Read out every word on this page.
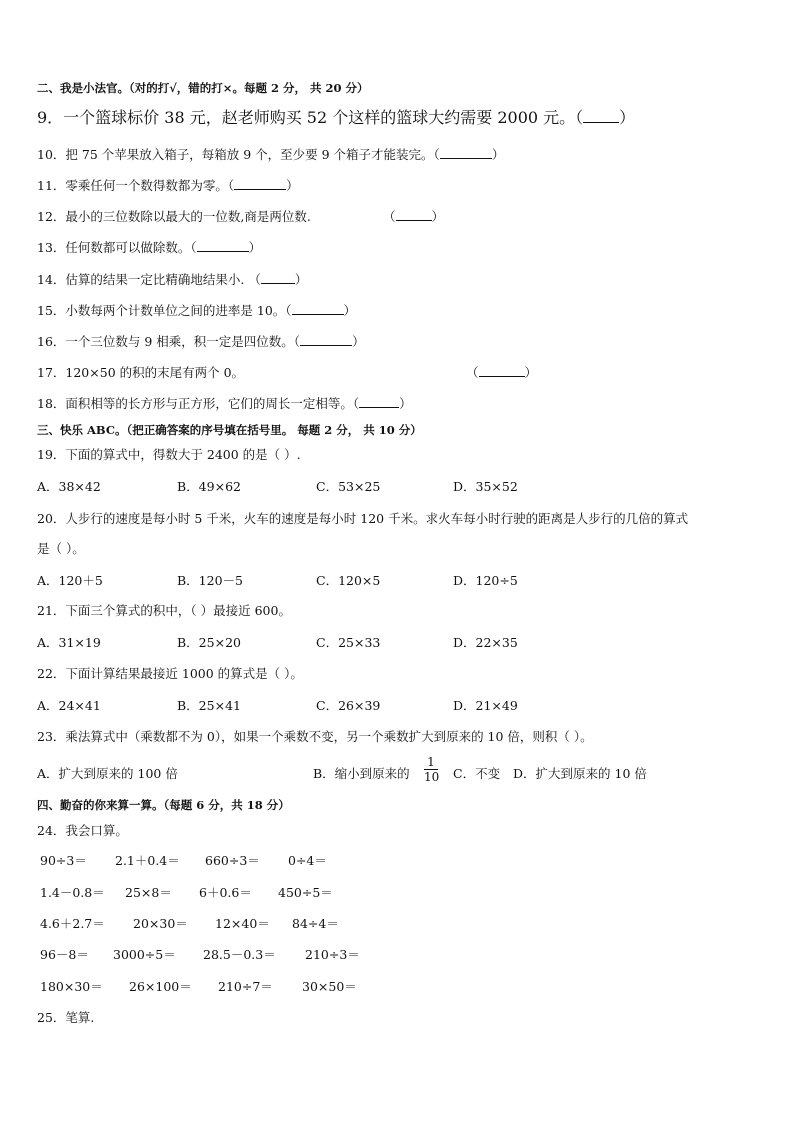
二、我是小法官。（对的打√，错的打×。每题 2 分， 共 20 分）
9．一个篮球标价 38 元，赵老师购买 52 个这样的篮球大约需要 2000 元。（ ）
10．把 75 个苹果放入箱子，每箱放 9 个，至少要 9 个箱子才能装完。（	）
11．零乘任何一个数得数都为零。（	）
12．最小的三位数除以最大的一位数,商是两位数.	（	）
13．任何数都可以做除数。（	）
14．估算的结果一定比精确地结果小. （	）
15．小数每两个计数单位之间的进率是 10。（	）
16．一个三位数与 9 相乘，积一定是四位数。（	）
17．120×50 的积的末尾有两个 0。	（	）
18．面积相等的长方形与正方形，它们的周长一定相等。（	）
三、快乐 ABC。（把正确答案的序号填在括号里。 每题 2 分， 共 10 分）
19．下面的算式中，得数大于 2400 的是（ ）.
A．38×42	B．49×62	C．53×25	D．35×52
20．人步行的速度是每小时 5 千米，火车的速度是每小时 120 千米。求火车每小时行驶的距离是人步行的几倍的算式
是（ ）。
A．120＋5	B．120－5	C．120×5	D．120÷5
21．下面三个算式的积中，（ ）最接近 600。
A．31×19	B．25×20	C．25×33	D．22×35
22．下面计算结果最接近 1000 的算式是（ ）。
A．24×41	B．25×41	C．26×39	D．21×49
23．乘法算式中（乘数都不为 0），如果一个乘数不变，另一个乘数扩大到原来的 10 倍，则积（ ）。
A．扩大到原来的 100 倍	B．缩小到原来的 $\frac{1}{10}$ C．不变 D．扩大到原来的 10 倍
四、勤奋的你来算一算。（每题 6 分，共 18 分）
24．我会口算。
90÷3＝ 2.1＋0.4＝ 660÷3＝ 0÷4＝
1.4－0.8＝ 25×8＝ 6＋0.6＝ 450÷5＝
4.6＋2.7＝ 20×30＝ 12×40＝ 84÷4＝
96－8＝ 3000÷5＝ 28.5－0.3＝ 210÷3＝
180×30＝ 26×100＝ 210÷7＝ 30×50＝
25．笔算.
